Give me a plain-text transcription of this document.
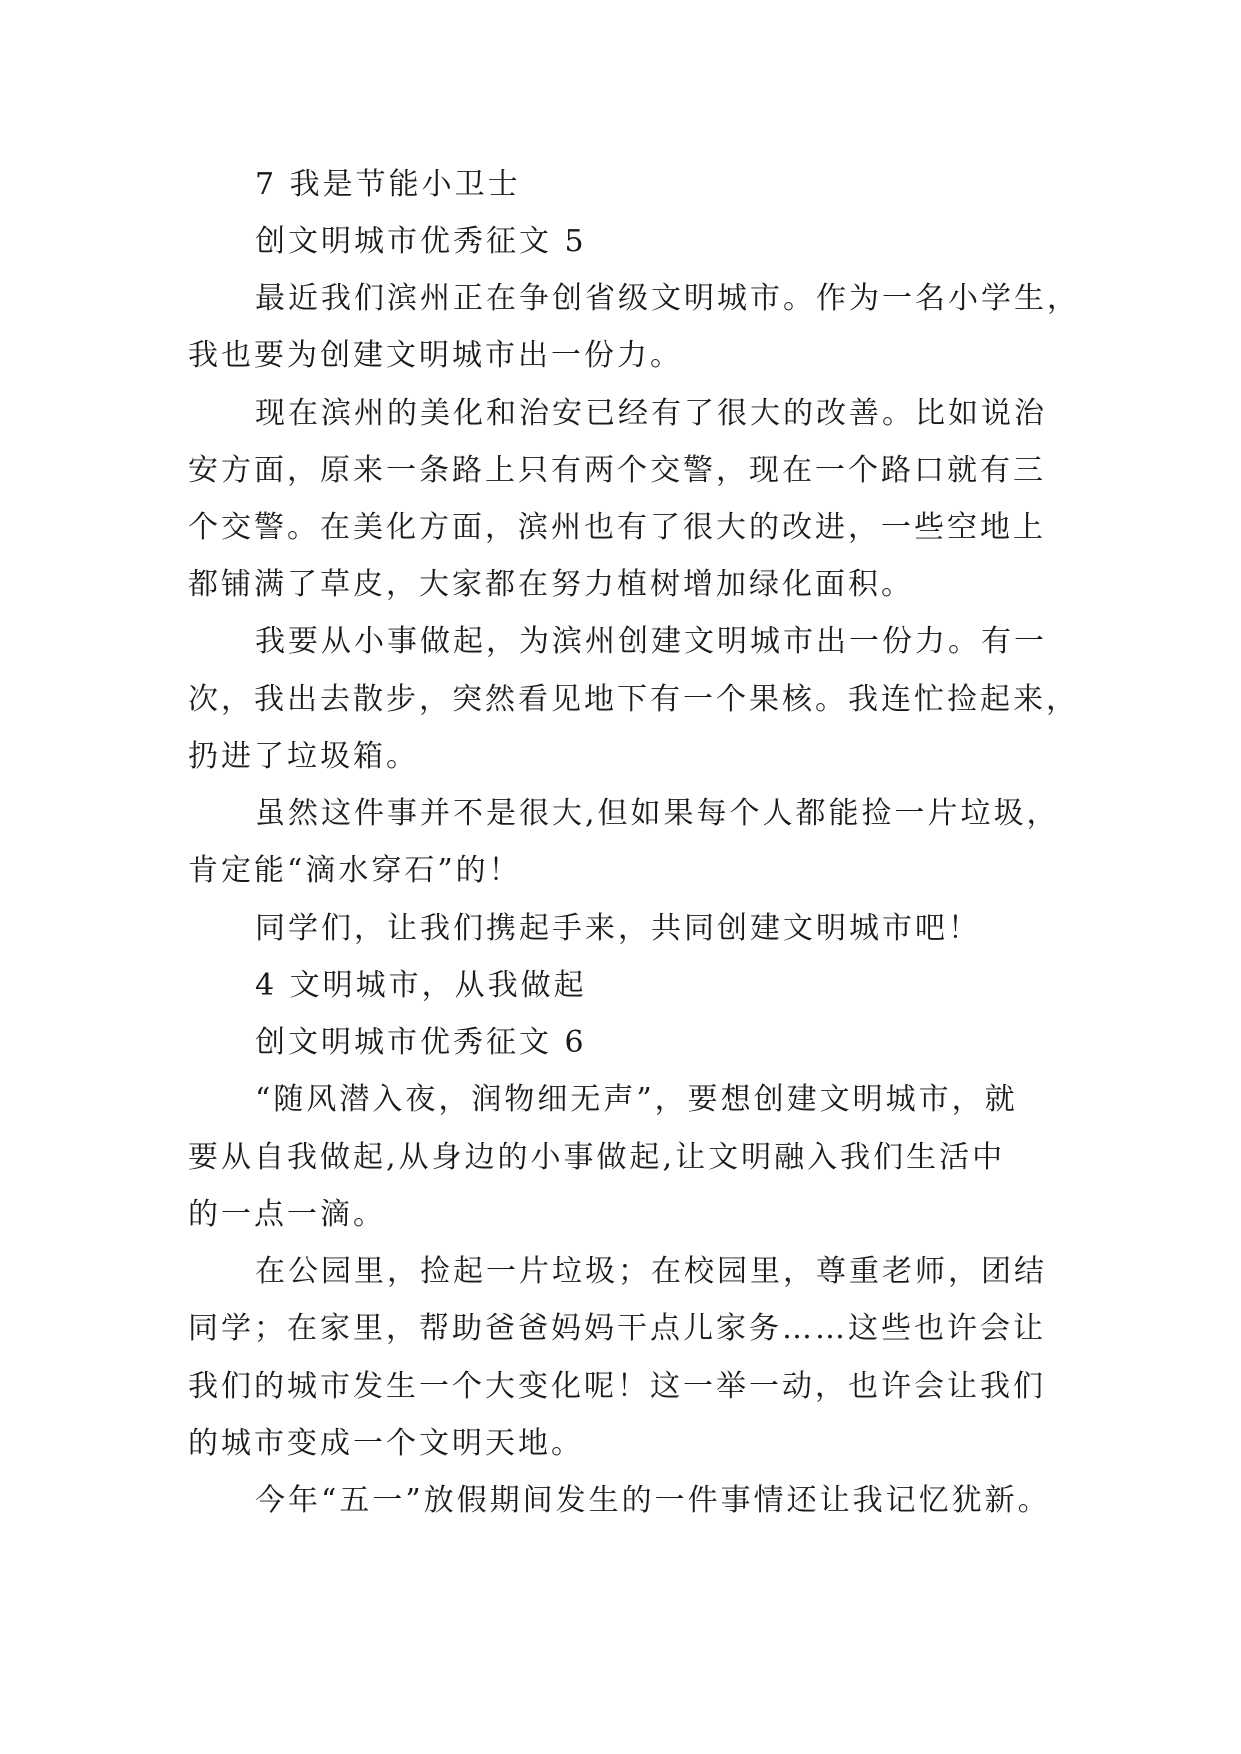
7 我是节能小卫士
创文明城市优秀征文 5
最近我们滨州正在争创省级文明城市。作为一名小学生，
我也要为创建文明城市出一份力。
现在滨州的美化和治安已经有了很大的改善。比如说治
安方面，原来一条路上只有两个交警，现在一个路口就有三
个交警。在美化方面，滨州也有了很大的改进，一些空地上
都铺满了草皮，大家都在努力植树增加绿化面积。
我要从小事做起，为滨州创建文明城市出一份力。有一
次，我出去散步，突然看见地下有一个果核。我连忙捡起来，
扔进了垃圾箱。
虽然这件事并不是很大,但如果每个人都能捡一片垃圾，
肯定能“滴水穿石”的！
同学们，让我们携起手来，共同创建文明城市吧！
4 文明城市，从我做起
创文明城市优秀征文 6
“随风潜入夜，润物细无声”，要想创建文明城市，就
要从自我做起,从身边的小事做起,让文明融入我们生活中
的一点一滴。
在公园里，捡起一片垃圾；在校园里，尊重老师，团结
同学；在家里，帮助爸爸妈妈干点儿家务……这些也许会让
我们的城市发生一个大变化呢！这一举一动，也许会让我们
的城市变成一个文明天地。
今年“五一”放假期间发生的一件事情还让我记忆犹新。
